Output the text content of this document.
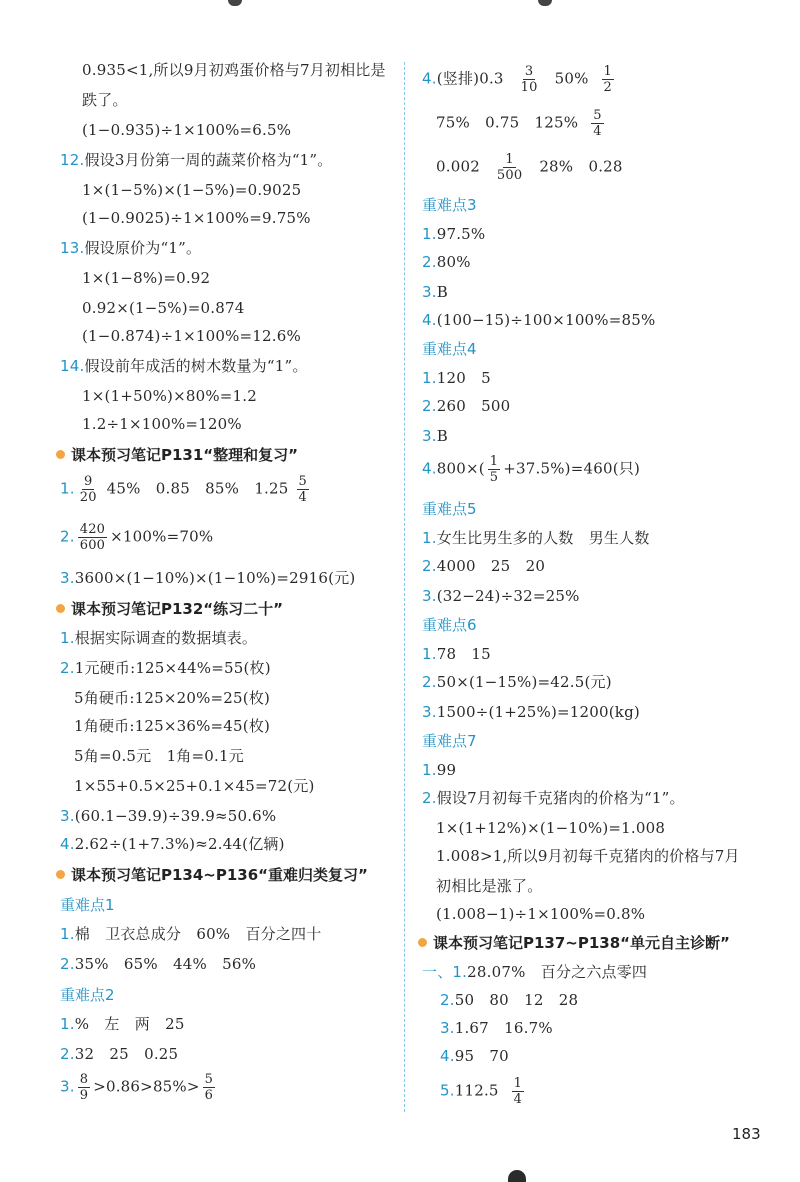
0.935<1,所以9月初鸡蛋价格与7月初相比是
跌了。
(1−0.935)÷1×100%=6.5%
12.假设3月份第一周的蔬菜价格为“1”。
1×(1−5%)×(1−5%)=0.9025
(1−0.9025)÷1×100%=9.75%
13.假设原价为“1”。
1×(1−8%)=0.92
0.92×(1−5%)=0.874
(1−0.874)÷1×100%=12.6%
14.假设前年成活的树木数量为“1”。
1×(1+50%)×80%=1.2
1.2÷1×100%=120%
课本预习笔记P131“整理和复习”
1. $\frac{9}{20} 45\%$　0.85　85%　$1.25 \frac{5}{4}$
2. $\frac{420}{600} \times 100\%=70\%$
3.3600×(1−10%)×(1−10%)=2916(元)
课本预习笔记P132“练习二十”
1.根据实际调查的数据填表。
2.1元硬币:125×44%=55(枚)
5角硬币:125×20%=25(枚)
1角硬币:125×36%=45(枚)
5角=0.5元　1角=0.1元
1×55+0.5×25+0.1×45=72(元)
3.(60.1−39.9)÷39.9≈50.6%
4.2.62÷(1+7.3%)≈2.44(亿辆)
课本预习笔记P134~P136“重难归类复习”
重难点1
1.棉　卫衣总成分　60%　百分之四十
2.35%　65%　44%　56%
重难点2
1.%　左　两　25
2.32　25　0.25
3. $\frac{8}{9} >0.86>85\%> \frac{5}{6}$
4.(竖排)$0.3 \frac{3}{10} 50\% \frac{1}{2}$
75%　0.75　$125\% \frac{5}{4}$
$0.002 \frac{1}{500} 28\%$　0.28
重难点3
1.97.5%
2.80%
3.B
4.(100−15)÷100×100%=85%
重难点4
1.120　5
2.260　500
3.B
$4.800\times( \frac{1}{5} +37.5\%)=460$(只)
重难点5
1.女生比男生多的人数　男生人数
2.4000　25　20
3.(32−24)÷32=25%
重难点6
1.78　15
2.50×(1−15%)=42.5(元)
3.1500÷(1+25%)=1200(kg)
重难点7
1.99
2.假设7月初每千克猪肉的价格为“1”。
1×(1+12%)×(1−10%)=1.008
1.008>1,所以9月初每千克猪肉的价格与7月
初相比是涨了。
(1.008−1)÷1×100%=0.8%
课本预习笔记P137~P138“单元自主诊断”
一、1.28.07%　百分之六点零四
2.50　80　12　28
3.1.67　16.7%
4.95　70
$5.112.5 \frac{1}{4}$
183
